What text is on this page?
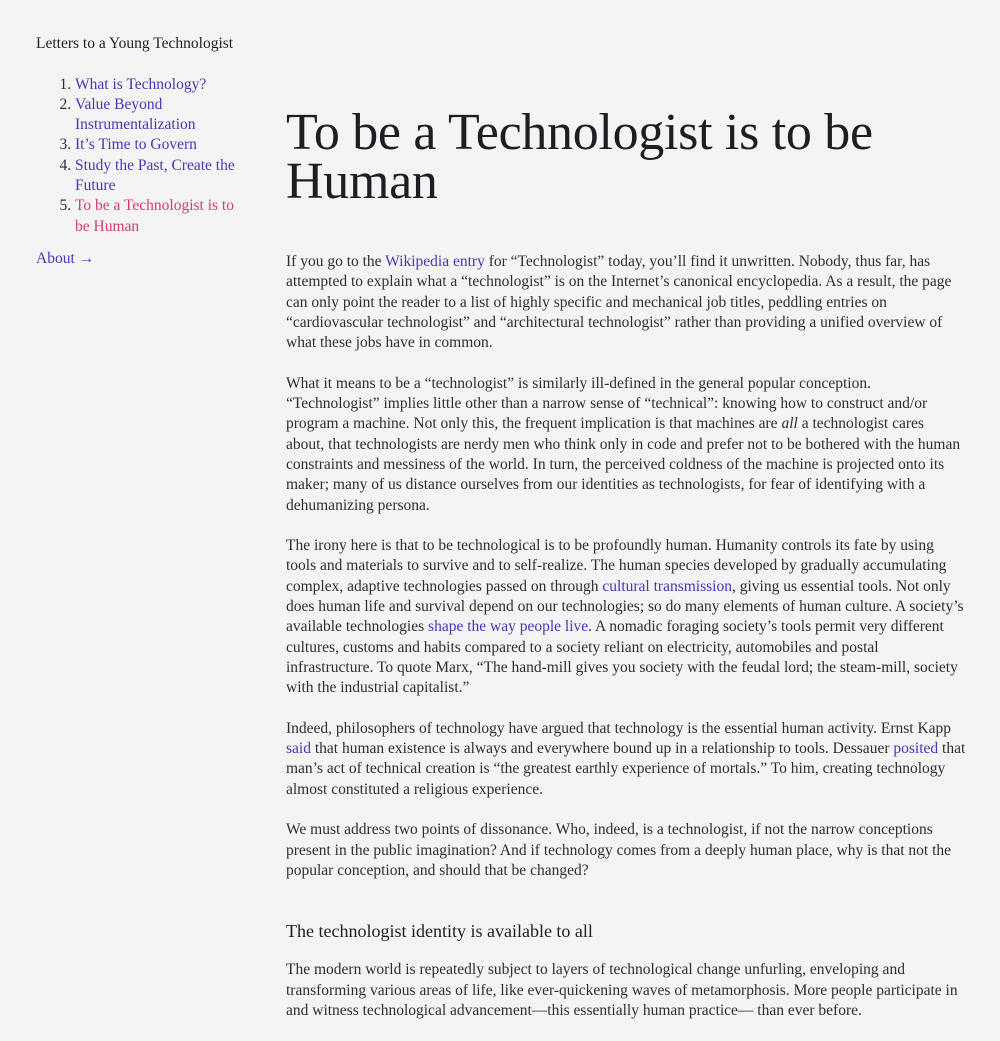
Letters to a Young Technologist
1. What is Technology?
2. Value Beyond Instrumentalization
3. It’s Time to Govern
4. Study the Past, Create the Future
5. To be a Technologist is to be Human
About →
To be a Technologist is to be Human

If you go to the Wikipedia entry for “Technologist” today, you’ll find it unwritten. Nobody, thus far, has attempted to explain what a “technologist” is on the Internet’s canonical encyclopedia. As a result, the page can only point the reader to a list of highly specific and mechanical job titles, peddling entries on “cardiovascular technologist” and “architectural technologist” rather than providing a unified overview of what these jobs have in common.

What it means to be a “technologist” is similarly ill-defined in the general popular conception. “Technologist” implies little other than a narrow sense of “technical”: knowing how to construct and/or program a machine. Not only this, the frequent implication is that machines are all a technologist cares about, that technologists are nerdy men who think only in code and prefer not to be bothered with the human constraints and messiness of the world. In turn, the perceived coldness of the machine is projected onto its maker; many of us distance ourselves from our identities as technologists, for fear of identifying with a dehumanizing persona.

The irony here is that to be technological is to be profoundly human. Humanity controls its fate by using tools and materials to survive and to self-realize. The human species developed by gradually accumulating complex, adaptive technologies passed on through cultural transmission, giving us essential tools. Not only does human life and survival depend on our technologies; so do many elements of human culture. A society’s available technologies shape the way people live. A nomadic foraging society’s tools permit very different cultures, customs and habits compared to a society reliant on electricity, automobiles and postal infrastructure. To quote Marx, “The hand-mill gives you society with the feudal lord; the steam-mill, society with the industrial capitalist.”

Indeed, philosophers of technology have argued that technology is the essential human activity. Ernst Kapp said that human existence is always and everywhere bound up in a relationship to tools. Dessauer posited that man’s act of technical creation is “the greatest earthly experience of mortals.” To him, creating technology almost constituted a religious experience.

We must address two points of dissonance. Who, indeed, is a technologist, if not the narrow conceptions present in the public imagination? And if technology comes from a deeply human place, why is that not the popular conception, and should that be changed?

The technologist identity is available to all

The modern world is repeatedly subject to layers of technological change unfurling, enveloping and transforming various areas of life, like ever-quickening waves of metamorphosis. More people participate in and witness technological advancement—this essentially human practice— than ever before.
